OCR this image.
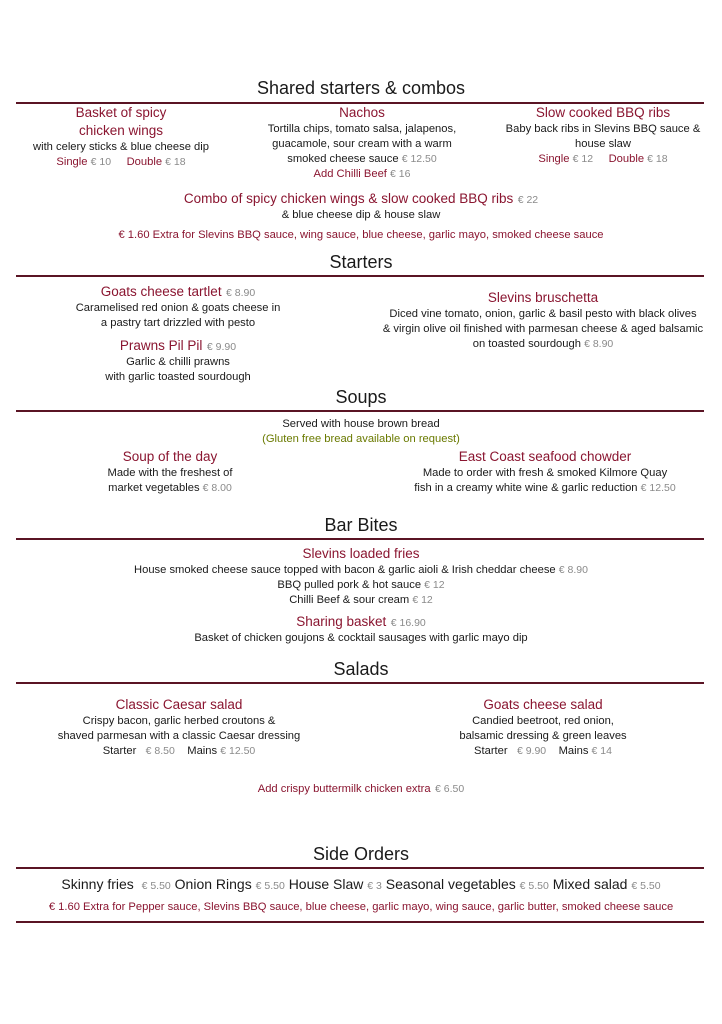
Shared starters & combos
Basket of spicy
chicken wings
with celery sticks & blue cheese dip
Single € 10 Double € 18
Nachos
Tortilla chips, tomato salsa, jalapenos,
guacamole, sour cream with a warm
smoked cheese sauce € 12.50
Add Chilli Beef € 16
Slow cooked BBQ ribs
Baby back ribs in Slevins BBQ sauce &
house slaw
Single € 12 Double € 18
Combo of spicy chicken wings & slow cooked BBQ ribs € 22
& blue cheese dip & house slaw
€ 1.60 Extra for Slevins BBQ sauce, wing sauce, blue cheese, garlic mayo, smoked cheese sauce
Starters
Goats cheese tartlet € 8.90
Caramelised red onion & goats cheese in
a pastry tart drizzled with pesto
Prawns Pil Pil € 9.90
Garlic & chilli prawns
with garlic toasted sourdough
Slevins bruschetta
Diced vine tomato, onion, garlic & basil pesto with black olives
& virgin olive oil finished with parmesan cheese & aged balsamic
on toasted sourdough € 8.90
Soups
Served with house brown bread
(Gluten free bread available on request)
Soup of the day
Made with the freshest of
market vegetables € 8.00
East Coast seafood chowder
Made to order with fresh & smoked Kilmore Quay
fish in a creamy white wine & garlic reduction € 12.50
Bar Bites
Slevins loaded fries
House smoked cheese sauce topped with bacon & garlic aioli & Irish cheddar cheese € 8.90
BBQ pulled pork & hot sauce € 12
Chilli Beef & sour cream € 12
Sharing basket € 16.90
Basket of chicken goujons & cocktail sausages with garlic mayo dip
Salads
Classic Caesar salad
Crispy bacon, garlic herbed croutons &
shaved parmesan with a classic Caesar dressing
Starter € 8.50 Mains € 12.50
Goats cheese salad
Candied beetroot, red onion,
balsamic dressing & green leaves
Starter € 9.90 Mains € 14
Add crispy buttermilk chicken extra € 6.50
Side Orders
Skinny fries € 5.50 Onion Rings € 5.50 House Slaw € 3 Seasonal vegetables € 5.50 Mixed salad € 5.50
€ 1.60 Extra for Pepper sauce, Slevins BBQ sauce, blue cheese, garlic mayo, wing sauce, garlic butter, smoked cheese sauce
